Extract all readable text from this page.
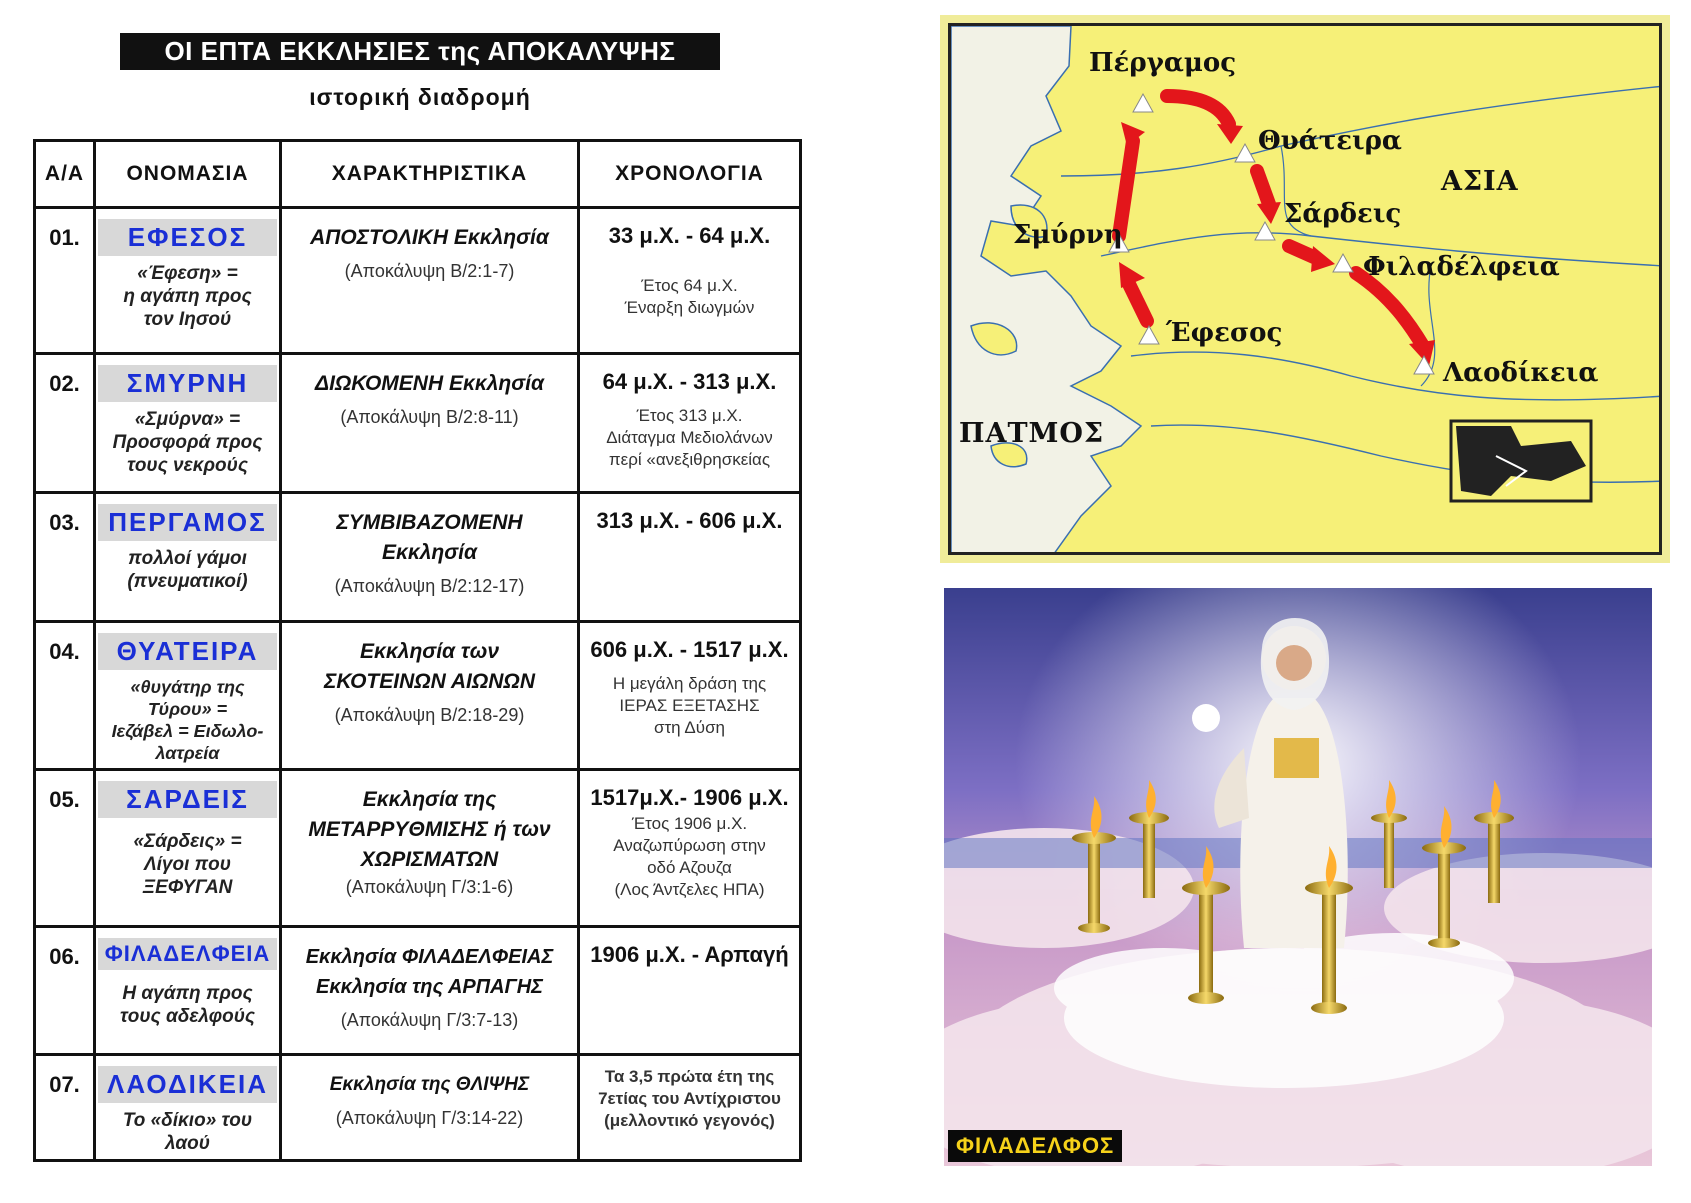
ΟΙ ΕΠΤΑ ΕΚΚΛΗΣΙΕΣ της ΑΠΟΚΑΛΥΨΗΣ
ιστορική διαδρομή
Α/Α	ΟΝΟΜΑΣΙΑ	ΧΑΡΑΚΤΗΡΙΣΤΙΚΑ	ΧΡΟΝΟΛΟΓΙΑ
01.	ΕΦΕΣΟΣ
«Έφεση» =
η αγάπη προς
τον Ιησού	ΑΠΟΣΤΟΛΙΚΗ Εκκλησία
(Αποκάλυψη Β/2:1-7)	33 μ.Χ. - 64 μ.Χ.
Έτος 64 μ.Χ.
Έναρξη διωγμών

02.	ΣΜΥΡΝΗ
«Σμύρνα» =
Προσφορά προς
τους νεκρούς	ΔΙΩΚΟΜΕΝΗ Εκκλησία
(Αποκάλυψη Β/2:8-11)	64 μ.Χ. - 313 μ.Χ.
Έτος 313 μ.Χ.
Διάταγμα Μεδιολάνων
περί «ανεξιθρησκείας

03.	ΠΕΡΓΑΜΟΣ
πολλοί γάμοι
(πνευματικοί)	ΣΥΜΒΙΒΑΖΟΜΕΝΗ
Εκκλησία
(Αποκάλυψη Β/2:12-17)	313 μ.Χ. - 606 μ.Χ.

04.	ΘΥΑΤΕΙΡΑ
«θυγάτηρ της
Τύρου» =
Ιεζάβελ = Ειδωλο-
λατρεία	Εκκλησία των
ΣΚΟΤΕΙΝΩΝ ΑΙΩΝΩΝ
(Αποκάλυψη Β/2:18-29)	606 μ.Χ. - 1517 μ.Χ.
Η μεγάλη δράση της
ΙΕΡΑΣ ΕΞΕΤΑΣΗΣ
στη Δύση

05.	ΣΑΡΔΕΙΣ
«Σάρδεις» =
Λίγοι που
ΞΕΦΥΓΑΝ	Εκκλησία της
ΜΕΤΑΡΡΥΘΜΙΣΗΣ ή των
ΧΩΡΙΣΜΑΤΩΝ
(Αποκάλυψη Γ/3:1-6)	1517μ.Χ.- 1906 μ.Χ.
Έτος 1906 μ.Χ.
Αναζωπύρωση στην
οδό Αζουζα
(Λος Άντζελες ΗΠΑ)

06.	ΦΙΛΑΔΕΛΦΕΙΑ
Η αγάπη προς
τους αδελφούς	Εκκλησία ΦΙΛΑΔΕΛΦΕΙΑΣ
Εκκλησία της ΑΡΠΑΓΗΣ
(Αποκάλυψη Γ/3:7-13)	1906 μ.Χ. - Αρπαγή

07.	ΛΑΟΔΙΚΕΙΑ
Το «δίκιο» του
λαού	Εκκλησία της ΘΛΙΨΗΣ
(Αποκάλυψη Γ/3:14-22)	Τα 3,5 πρώτα έτη της
7ετίας του Αντίχριστου
(μελλοντικό γεγονός)
Πέργαμος
Θυάτειρα
Σάρδεις
Φιλαδέλφεια
Λαοδίκεια
Σμύρνη
Έφεσος
ΑΣΙΑ
ΠΑΤΜΟΣ
ΦΙΛΑΔΕΛΦΟΣ
